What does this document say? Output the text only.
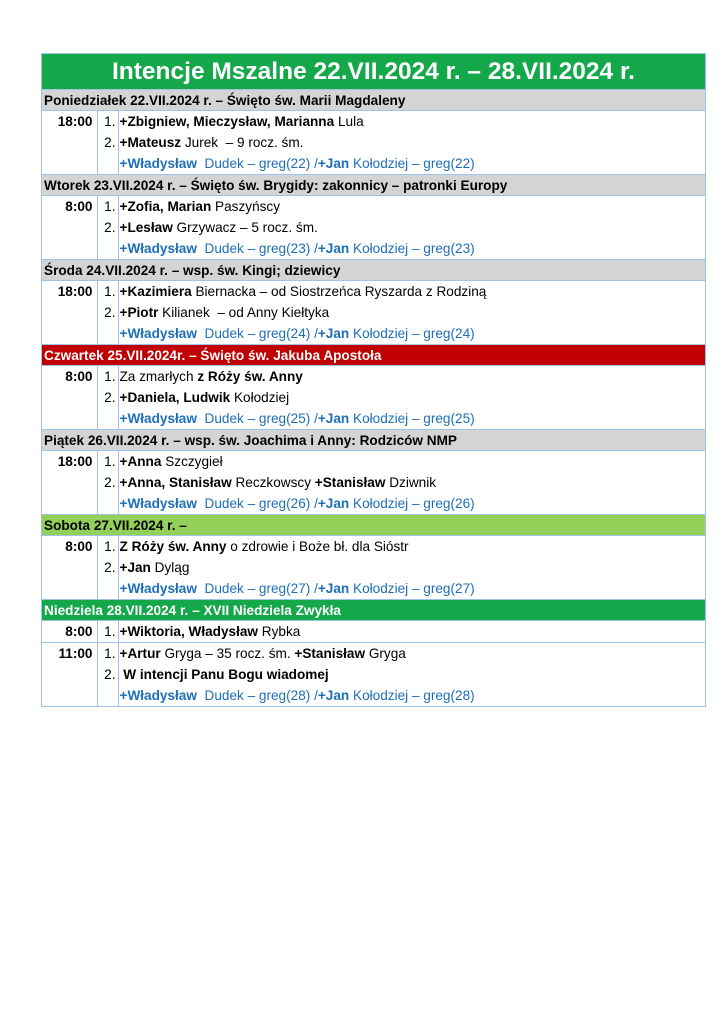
Intencje Mszalne 22.VII.2024 r. – 28.VII.2024 r.
Poniedziałek 22.VII.2024 r. – Święto św. Marii Magdaleny
18:00	1.	+Zbigniew, Mieczysław, Marianna Lula
	2.	+Mateusz Jurek  – 9 rocz. śm.
		+Władysław  Dudek – greg(22) /+Jan Kołodziej – greg(22)
Wtorek 23.VII.2024 r. – Święto św. Brygidy: zakonnicy – patronki Europy
8:00	1.	+Zofia, Marian Paszyńscy
	2.	+Lesław Grzywacz – 5 rocz. śm.
		+Władysław  Dudek – greg(23) /+Jan Kołodziej – greg(23)
Środa 24.VII.2024 r. – wsp. św. Kingi; dziewicy
18:00	1.	+Kazimiera Biernacka – od Siostrzeńca Ryszarda z Rodziną
	2.	+Piotr Kilianek  – od Anny Kiełtyka
		+Władysław  Dudek – greg(24) /+Jan Kołodziej – greg(24)
Czwartek 25.VII.2024r. – Święto św. Jakuba Apostoła
8:00	1.	Za zmarłych z Róży św. Anny
	2.	+Daniela, Ludwik Kołodziej
		+Władysław  Dudek – greg(25) /+Jan Kołodziej – greg(25)
Piątek 26.VII.2024 r. – wsp. św. Joachima i Anny: Rodziców NMP
18:00	1.	+Anna Szczygieł
	2.	+Anna, Stanisław Reczkowscy +Stanisław Dziwnik
		+Władysław  Dudek – greg(26) /+Jan Kołodziej – greg(26)
Sobota 27.VII.2024 r. –
8:00	1.	Z Róży św. Anny o zdrowie i Boże bł. dla Sióstr
	2.	+Jan Dyląg
		+Władysław  Dudek – greg(27) /+Jan Kołodziej – greg(27)
Niedziela 28.VII.2024 r. – XVII Niedziela Zwykła
8:00	1.	+Wiktoria, Władysław Rybka
11:00	1.	+Artur Gryga – 35 rocz. śm. +Stanisław Gryga
	2.	W intencji Panu Bogu wiadomej
		+Władysław  Dudek – greg(28) /+Jan Kołodziej – greg(28)
